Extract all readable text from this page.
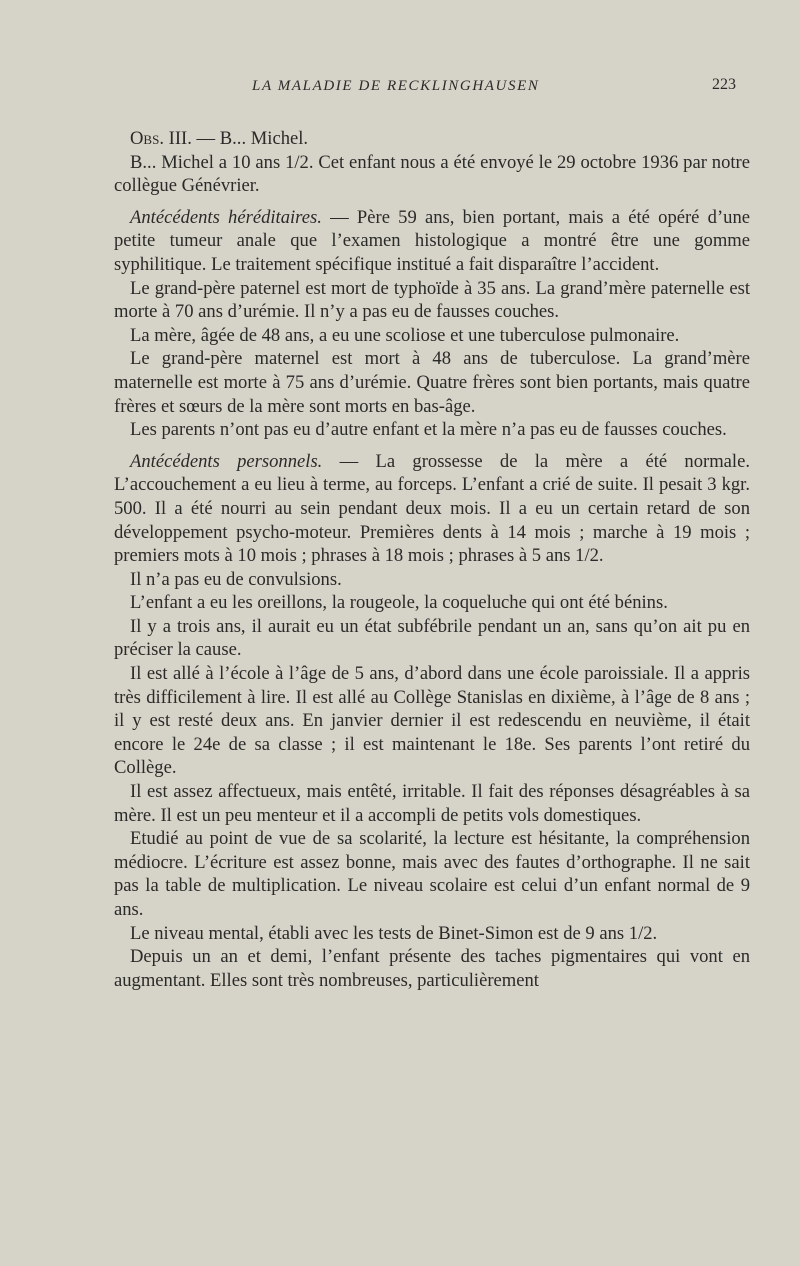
LA MALADIE DE RECKLINGHAUSEN	223

Obs. III. — B... Michel.

B... Michel a 10 ans 1/2. Cet enfant nous a été envoyé le 29 octobre 1936 par notre collègue Génévrier.

Antécédents héréditaires. — Père 59 ans, bien portant, mais a été opéré d’une petite tumeur anale que l’examen histologique a montré être une gomme syphilitique. Le traitement spécifique institué a fait disparaître l’accident.

Le grand-père paternel est mort de typhoïde à 35 ans. La grand’mère paternelle est morte à 70 ans d’urémie. Il n’y a pas eu de fausses couches.

La mère, âgée de 48 ans, a eu une scoliose et une tuberculose pulmonaire.

Le grand-père maternel est mort à 48 ans de tuberculose. La grand’mère maternelle est morte à 75 ans d’urémie. Quatre frères sont bien portants, mais quatre frères et sœurs de la mère sont morts en bas-âge.

Les parents n’ont pas eu d’autre enfant et la mère n’a pas eu de fausses couches.

Antécédents personnels. — La grossesse de la mère a été normale. L’accouchement a eu lieu à terme, au forceps. L’enfant a crié de suite. Il pesait 3 kgr. 500. Il a été nourri au sein pendant deux mois. Il a eu un certain retard de son développement psycho-moteur. Premières dents à 14 mois ; marche à 19 mois ; premiers mots à 10 mois ; phrases à 18 mois ; phrases à 5 ans 1/2.

Il n’a pas eu de convulsions.

L’enfant a eu les oreillons, la rougeole, la coqueluche qui ont été bénins.

Il y a trois ans, il aurait eu un état subfébrile pendant un an, sans qu’on ait pu en préciser la cause.

Il est allé à l’école à l’âge de 5 ans, d’abord dans une école paroissiale. Il a appris très difficilement à lire. Il est allé au Collège Stanislas en dixième, à l’âge de 8 ans ; il y est resté deux ans. En janvier dernier il est redescendu en neuvième, il était encore le 24e de sa classe ; il est maintenant le 18e. Ses parents l’ont retiré du Collège.

Il est assez affectueux, mais entêté, irritable. Il fait des réponses désagréables à sa mère. Il est un peu menteur et il a accompli de petits vols domestiques.

Etudié au point de vue de sa scolarité, la lecture est hésitante, la compréhension médiocre. L’écriture est assez bonne, mais avec des fautes d’orthographe. Il ne sait pas la table de multiplication. Le niveau scolaire est celui d’un enfant normal de 9 ans.

Le niveau mental, établi avec les tests de Binet-Simon est de 9 ans 1/2.

Depuis un an et demi, l’enfant présente des taches pigmentaires qui vont en augmentant. Elles sont très nombreuses, particulièrement
